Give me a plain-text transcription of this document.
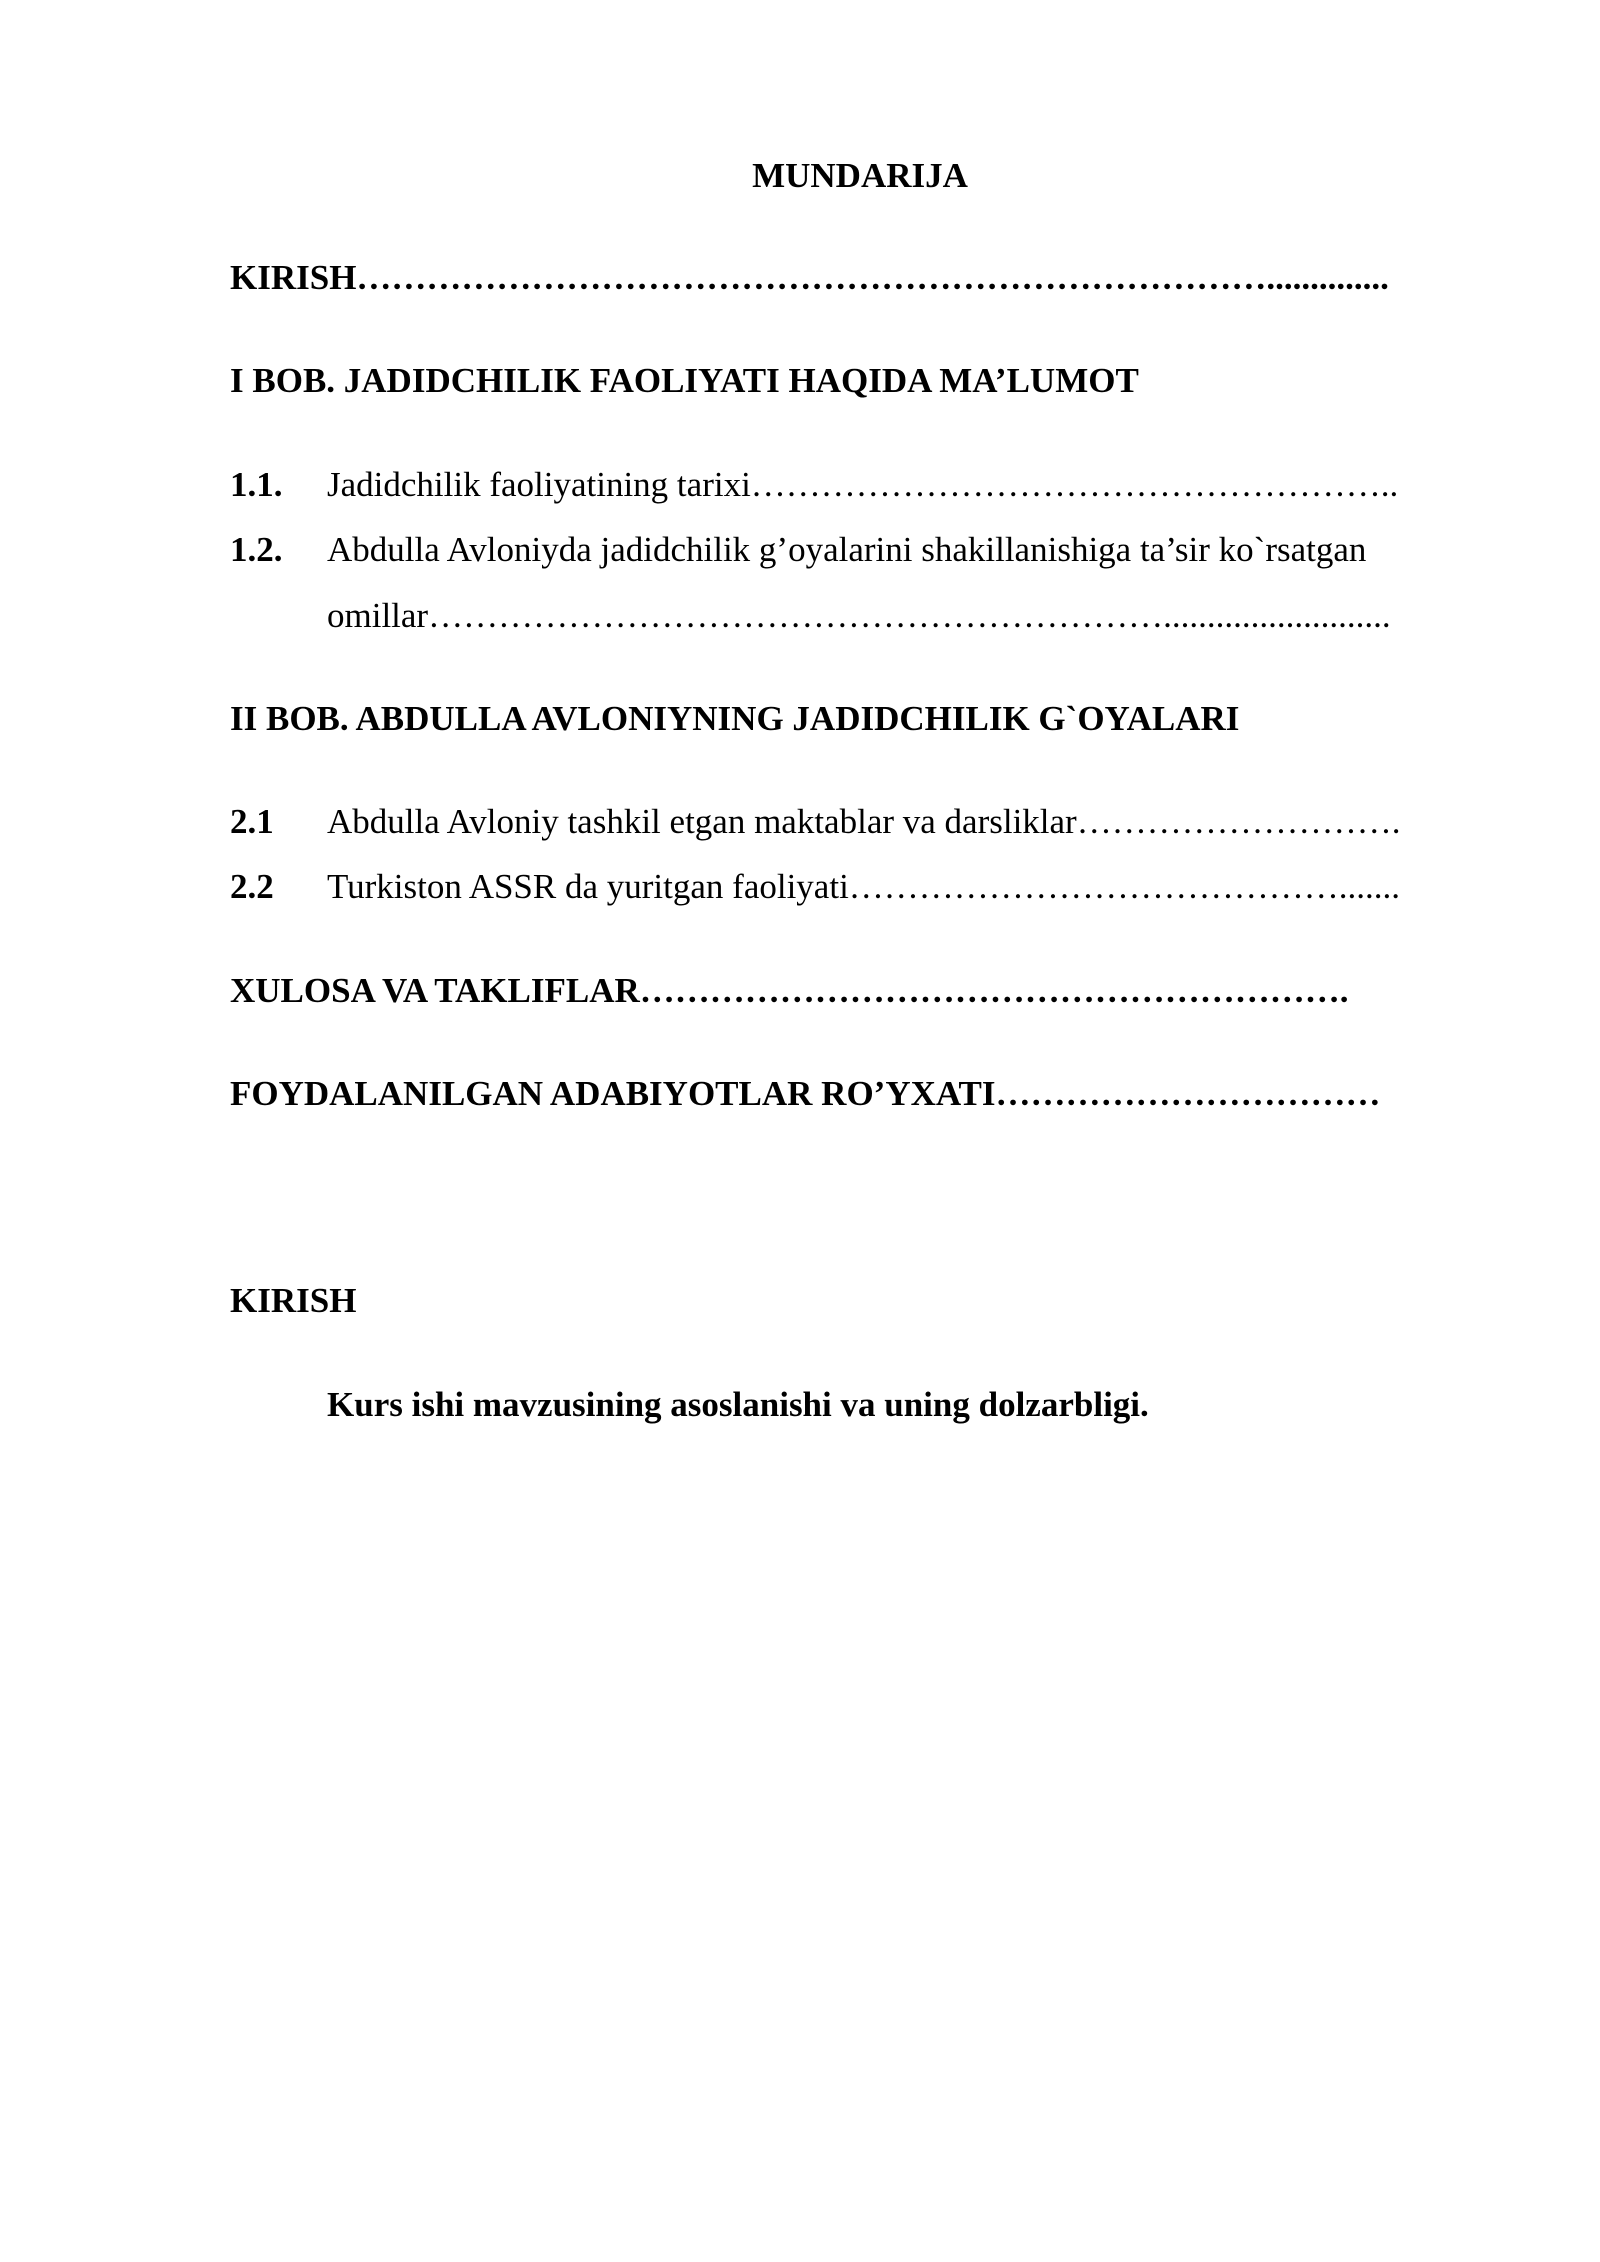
MUNDARIJA
KIRISH……………………………………………………………………..............
I BOB. JADIDCHILIK FAOLIYATI HAQIDA MA’LUMOT
1.1. Jadidchilik faoliyatining tarixi………………………………………………..
1.2. Abdulla Avloniyda jadidchilik g’oyalarini shakillanishiga ta’sir ko`rsatgan
omillar………………………………………………………..........................
II BOB. ABDULLA AVLONIYNING JADIDCHILIK G`OYALARI
2.1 Abdulla Avloniy tashkil etgan maktablar va darsliklar……………………….
2.2 Turkiston ASSR da yuritgan faoliyati…………………………………….......
XULOSA VA TAKLIFLAR…………………………………………………….
FOYDALANILGAN ADABIYOTLAR RO’YXATI……………………………
KIRISH
Kurs ishi mavzusining asoslanishi va uning dolzarbligi.
